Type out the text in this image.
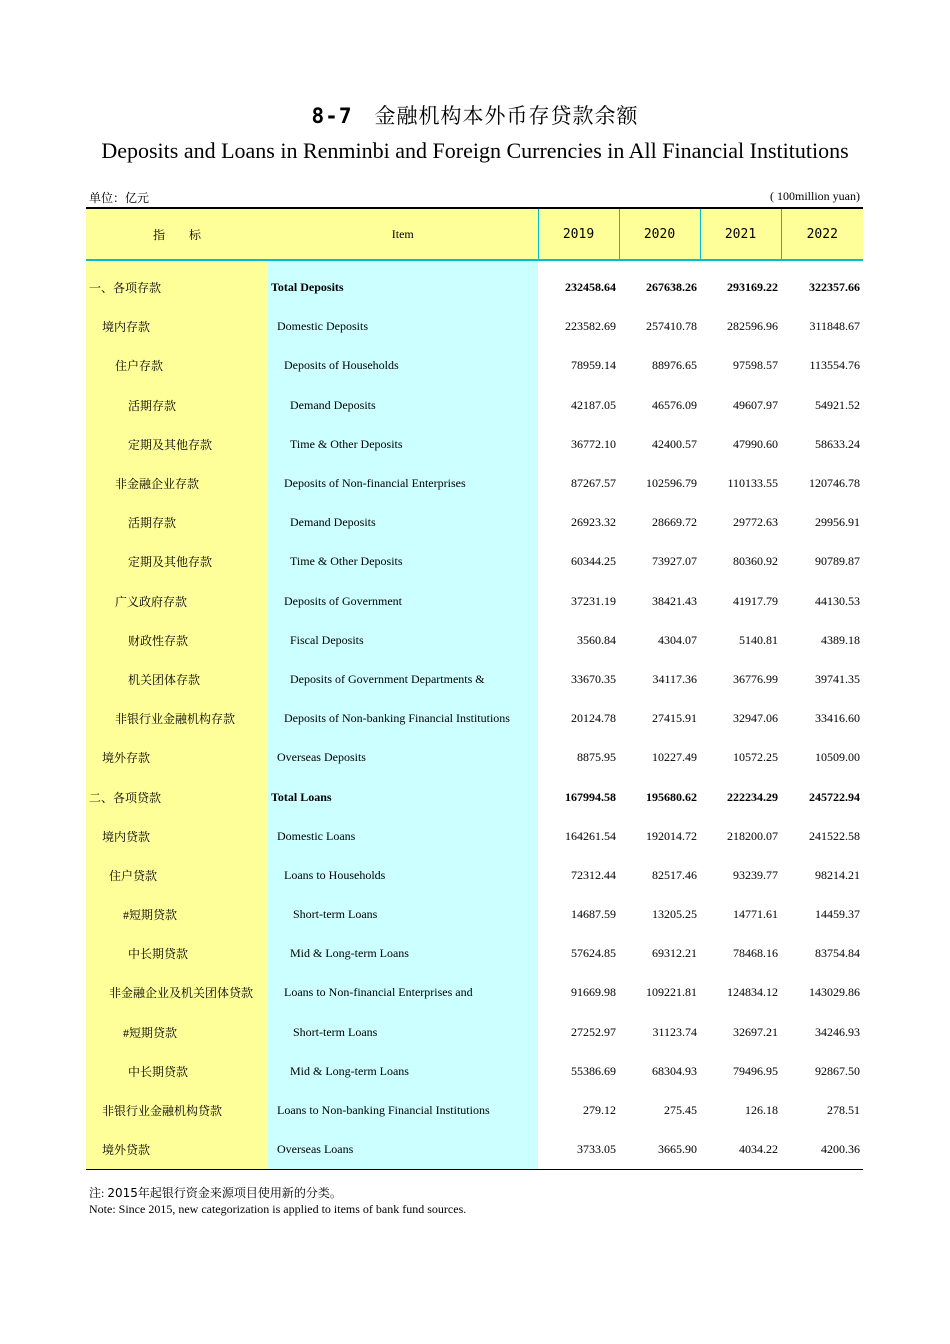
8-7 金融机构本外币存贷款余额
Deposits and Loans in Renminbi and Foreign Currencies in All Financial Institutions
单位：亿元	( 100million yuan)
指　　标	Item	2019	2020	2021	2022

一、各项存款	Total Deposits	232458.64	267638.26	293169.22	322357.66
境内存款	Domestic Deposits	223582.69	257410.78	282596.96	311848.67
住户存款	Deposits of Households	78959.14	88976.65	97598.57	113554.76
活期存款	Demand Deposits	42187.05	46576.09	49607.97	54921.52
定期及其他存款	Time & Other Deposits	36772.10	42400.57	47990.60	58633.24
非金融企业存款	Deposits of Non-financial Enterprises	87267.57	102596.79	110133.55	120746.78
活期存款	Demand Deposits	26923.32	28669.72	29772.63	29956.91
定期及其他存款	Time & Other Deposits	60344.25	73927.07	80360.92	90789.87
广义政府存款	Deposits of Government	37231.19	38421.43	41917.79	44130.53
财政性存款	Fiscal Deposits	3560.84	4304.07	5140.81	4389.18
机关团体存款	Deposits of Government Departments &	33670.35	34117.36	36776.99	39741.35
非银行业金融机构存款	Deposits of Non-banking Financial Institutions	20124.78	27415.91	32947.06	33416.60
境外存款	Overseas Deposits	8875.95	10227.49	10572.25	10509.00
二、各项贷款	Total Loans	167994.58	195680.62	222234.29	245722.94
境内贷款	Domestic Loans	164261.54	192014.72	218200.07	241522.58
住户贷款	Loans to Households	72312.44	82517.46	93239.77	98214.21
#短期贷款	Short-term Loans	14687.59	13205.25	14771.61	14459.37
中长期贷款	Mid & Long-term Loans	57624.85	69312.21	78468.16	83754.84
非金融企业及机关团体贷款	Loans to Non-financial Enterprises and	91669.98	109221.81	124834.12	143029.86
#短期贷款	Short-term Loans	27252.97	31123.74	32697.21	34246.93
中长期贷款	Mid & Long-term Loans	55386.69	68304.93	79496.95	92867.50
非银行业金融机构贷款	Loans to Non-banking Financial Institutions	279.12	275.45	126.18	278.51
境外贷款	Overseas Loans	3733.05	3665.90	4034.22	4200.36
注: 2015年起银行资金来源项目使用新的分类。
Note: Since 2015, new categorization is applied to items of bank fund sources.
